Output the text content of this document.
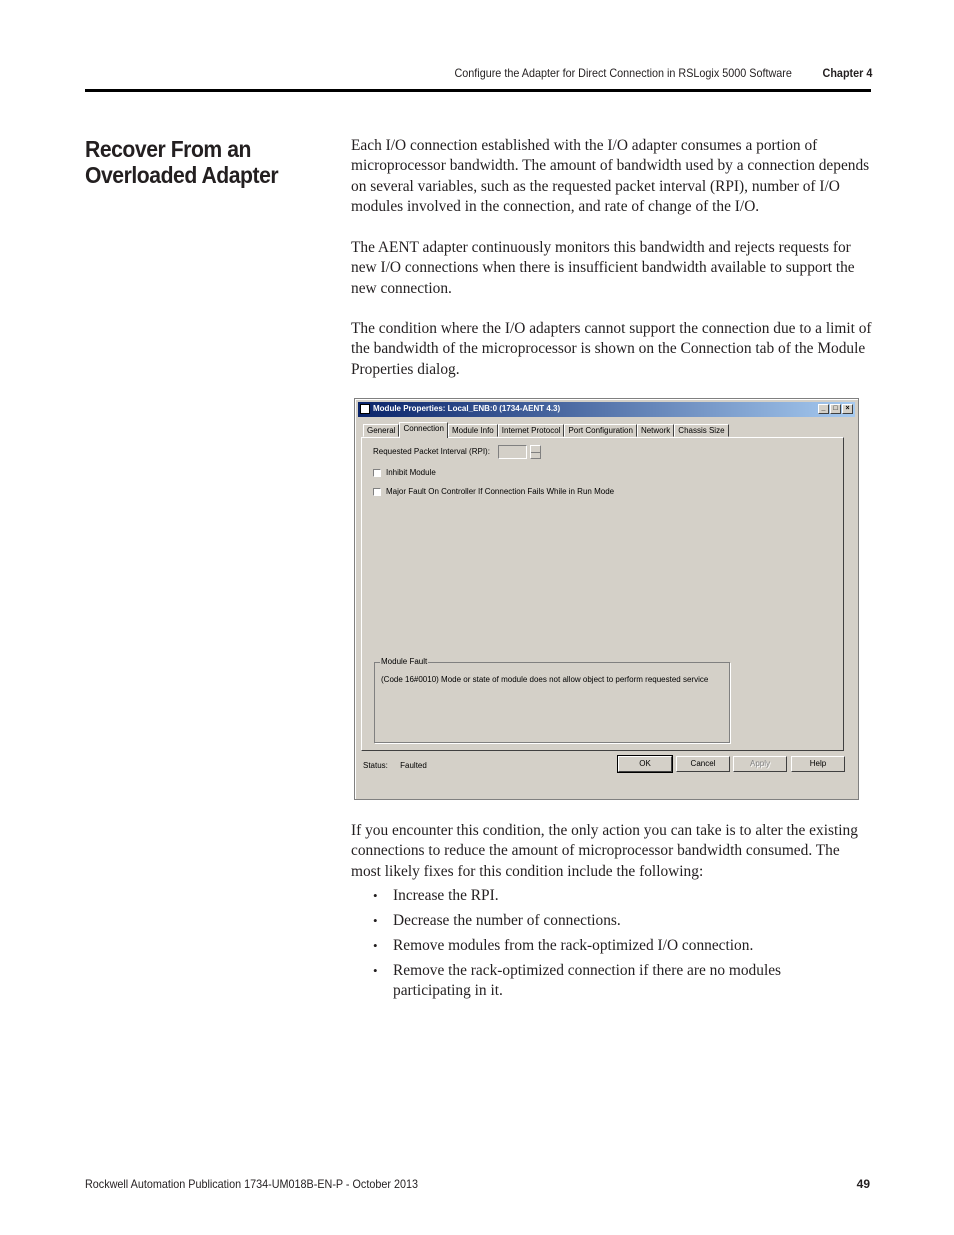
Configure the Adapter for Direct Connection in RSLogix 5000 Software	Chapter 4
Recover From an Overloaded Adapter

Each I/O connection established with the I/O adapter consumes a portion of microprocessor bandwidth. The amount of bandwidth used by a connection depends on several variables, such as the requested packet interval (RPI), number of I/O modules involved in the connection, and rate of change of the I/O.

The AENT adapter continuously monitors this bandwidth and rejects requests for new I/O connections when there is insufficient bandwidth available to support the new connection.

The condition where the I/O adapters cannot support the connection due to a limit of the bandwidth of the microprocessor is shown on the Connection tab of the Module Properties dialog.

Module Properties: Local_ENB:0 (1734-AENT 4.3)	_	□	×
General	Connection	Module Info	Internet Protocol	Port Configuration	Network	Chassis Size
Requested Packet Interval (RPI):
Inhibit Module
Major Fault On Controller If Connection Fails While in Run Mode
Module Fault
(Code 16#0010) Mode or state of module does not allow object to perform requested service
Status: Faulted	OK	Cancel	Apply	Help

If you encounter this condition, the only action you can take is to alter the existing connections to reduce the amount of microprocessor bandwidth consumed. The most likely fixes for this condition include the following:

• Increase the RPI.
• Decrease the number of connections.
• Remove modules from the rack-optimized I/O connection.
• Remove the rack-optimized connection if there are no modules participating in it.
Rockwell Automation Publication 1734-UM018B-EN-P - October 2013	49
